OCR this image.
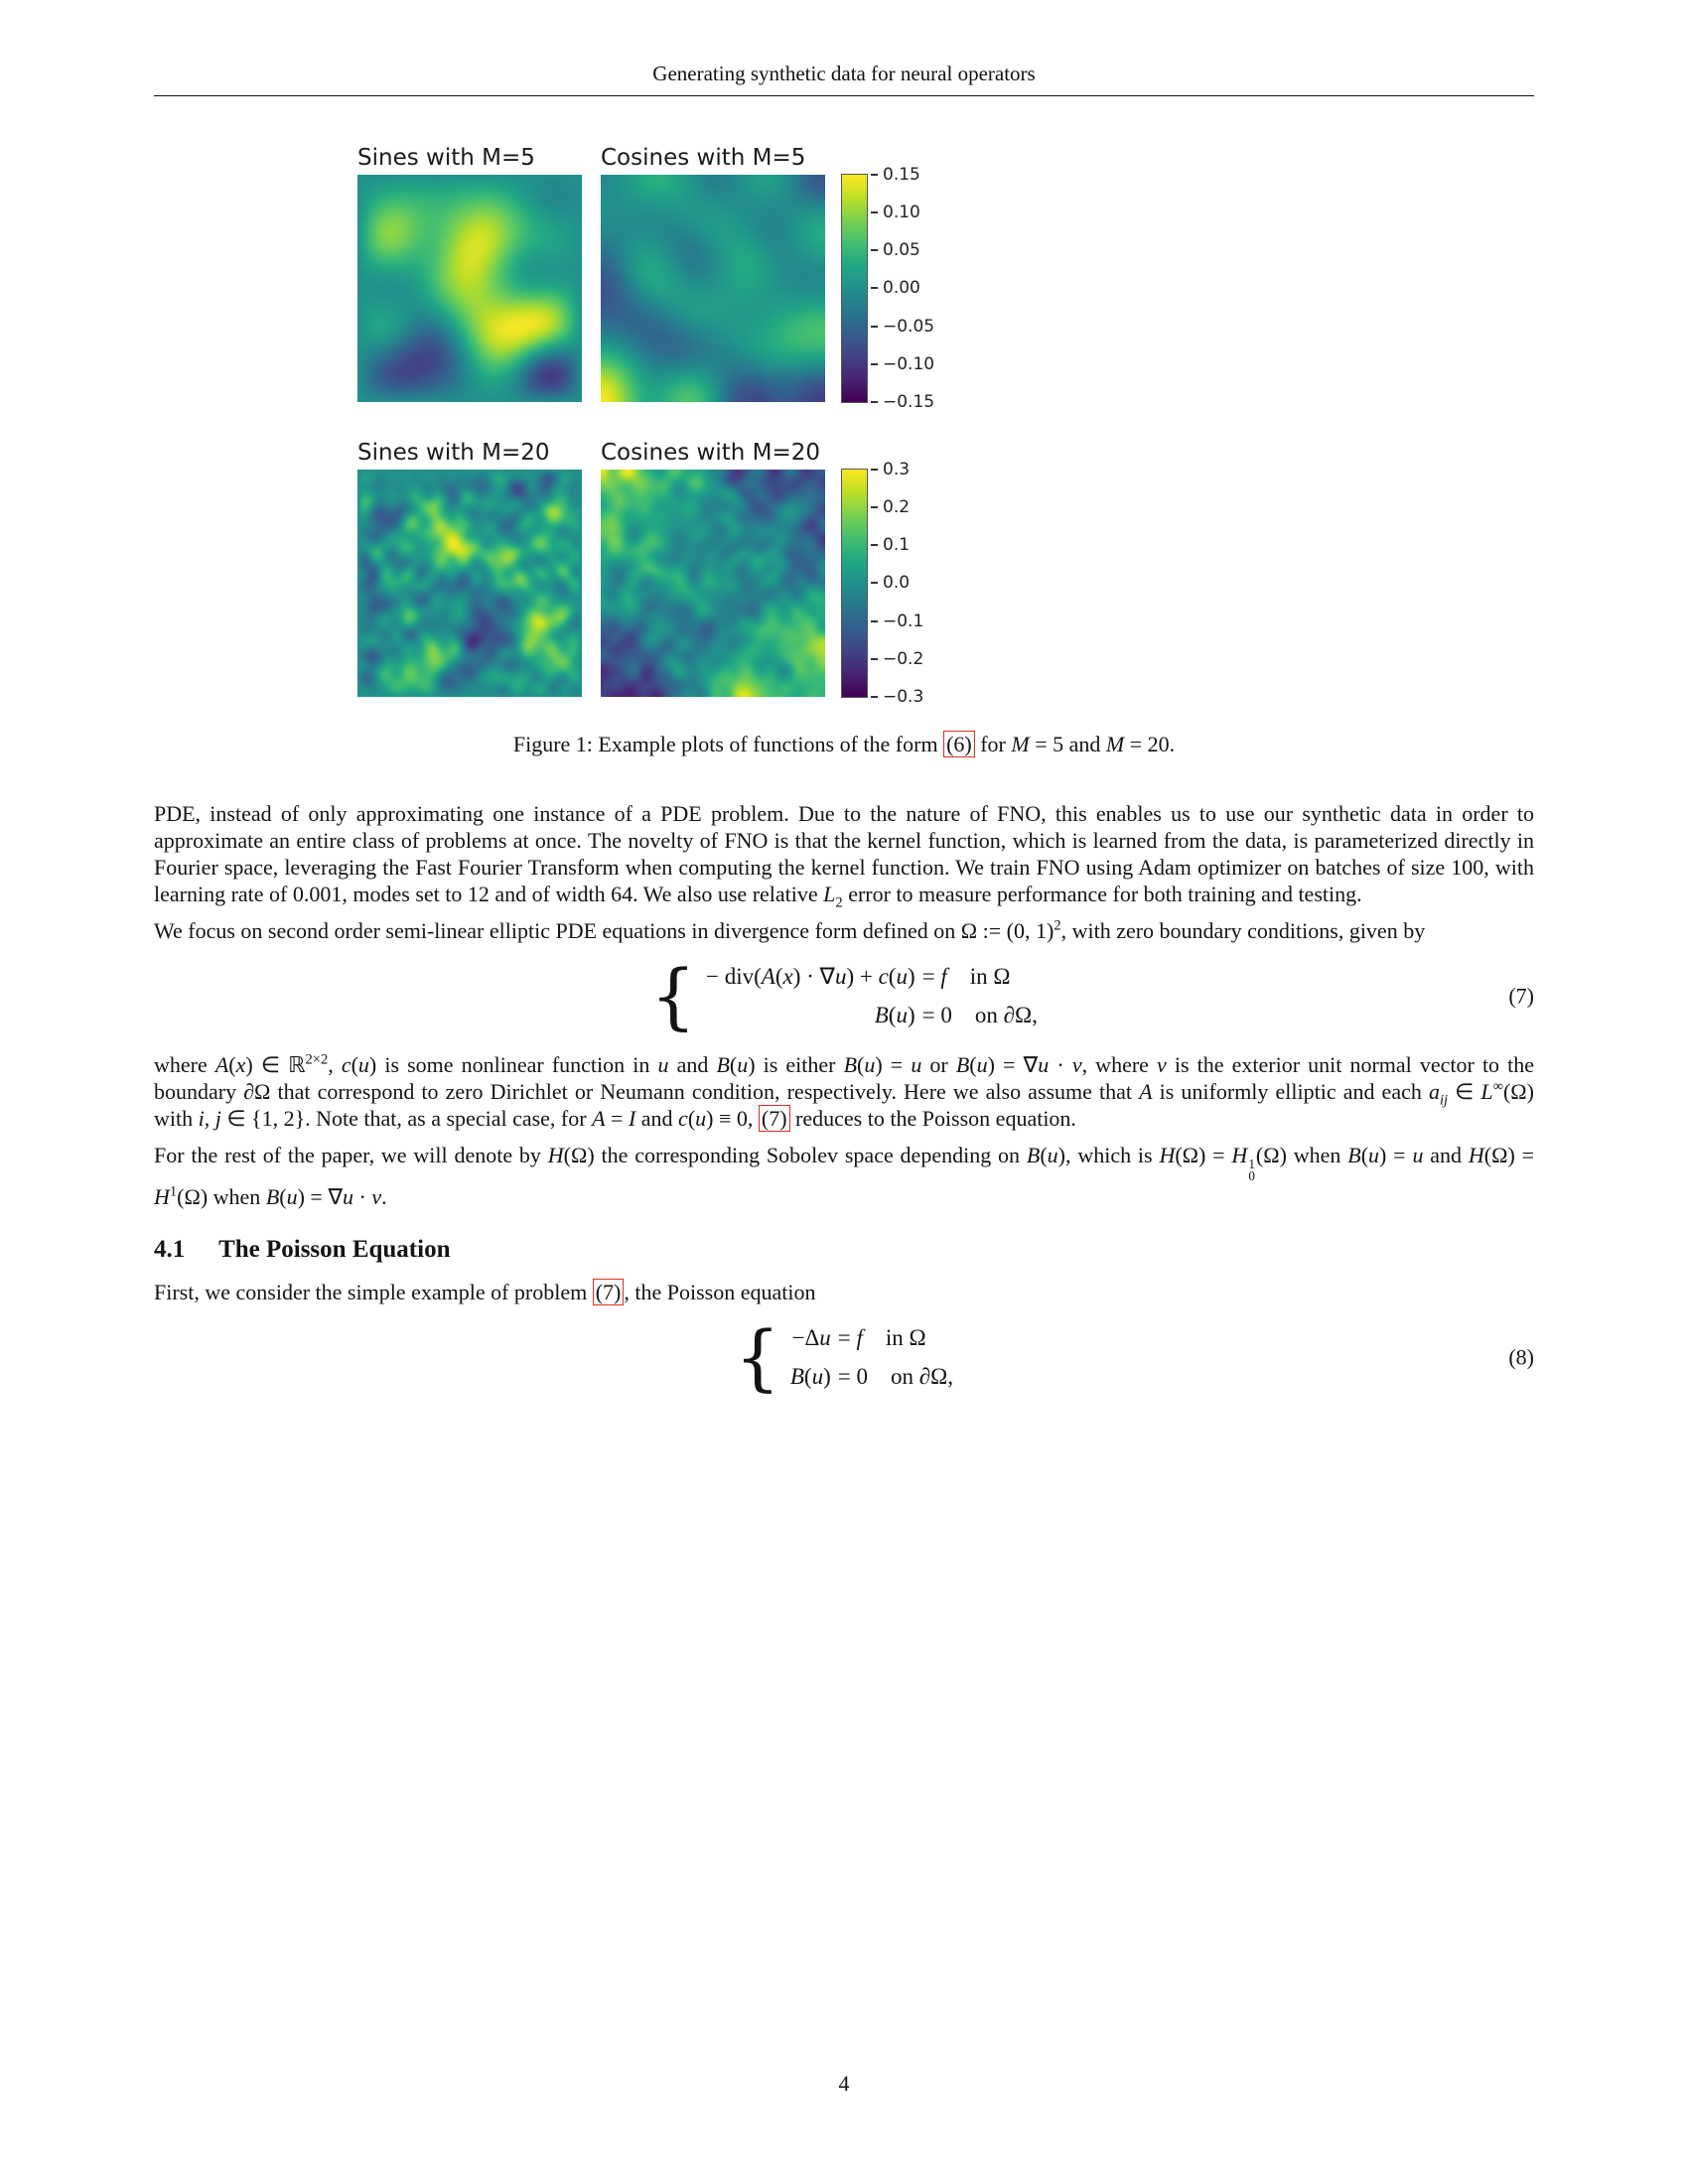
Generating synthetic data for neural operators
Sines with M=5	Cosines with M=5
0.15
0.10
0.05
0.00
−0.05
−0.10
−0.15
Sines with M=20 Cosines with M=20
0.3
0.2
0.1
0.0
−0.1
−0.2
−0.3
Figure 1: Example plots of functions of the form (6) for M = 5 and M = 20.

PDE, instead of only approximating one instance of a PDE problem. Due to the nature of FNO, this enables us to use our synthetic data in order to approximate an entire class of problems at once. The novelty of FNO is that the kernel function, which is learned from the data, is parameterized directly in Fourier space, leveraging the Fast Fourier Transform when computing the kernel function. We train FNO using Adam optimizer on batches of size 100, with learning rate of 0.001, modes set to 12 and of width 64. We also use relative $L_2$ error to measure performance for both training and testing.

We focus on second order semi-linear elliptic PDE equations in divergence form defined on Ω := (0, 1)$^2$, with zero boundary conditions, given by

{ − div(A(x) · ∇u) + c(u) = f in Ω
B(u) = 0 on ∂Ω,
(7)

where A(x) ∈ ℝ$^{2\times 2}$, c(u) is some nonlinear function in u and B(u) is either B(u) = u or B(u) = ∇u · ν, where ν is the exterior unit normal vector to the boundary ∂Ω that correspond to zero Dirichlet or Neumann condition, respectively. Here we also assume that A is uniformly elliptic and each $a_{ij}$ ∈ L∞(Ω) with i, j ∈ {1, 2}. Note that, as a special case, for A = I and c(u) ≡ 0, (7) reduces to the Poisson equation.

For the rest of the paper, we will denote by H(Ω) the corresponding Sobolev space depending on B(u), which is H(Ω) = H 1
0
(Ω) when B(u) = u and $H(\Omega) = H^1(\Omega)$ when B(u) = ∇u · ν.

4.1 The Poisson Equation

First, we consider the simple example of problem (7) , the Poisson equation

{ −Δu = f in Ω
B(u) = 0 on ∂Ω,
(8)
4
